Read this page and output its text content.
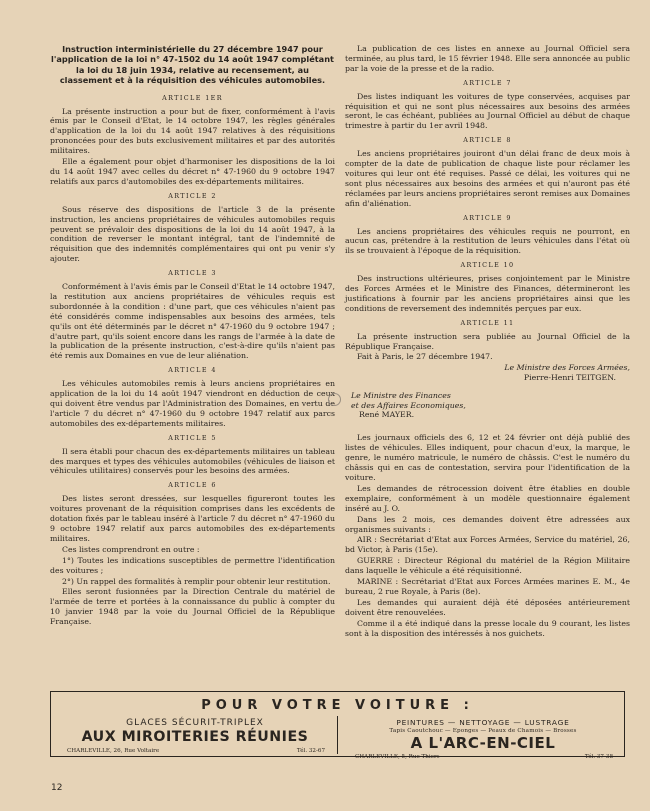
Instruction interministérielle du 27 décembre 1947 pour l'application de la loi n° 47-1502 du 14 août 1947 complétant la loi du 18 juin 1934, relative au recensement, au classement et à la réquisition des véhicules automobiles.
ARTICLE 1ER

La présente instruction a pour but de fixer, conformément à l'avis émis par le Conseil d'Etat, le 14 octobre 1947, les règles générales d'application de la loi du 14 août 1947 relatives à des réquisitions prononcées pour des buts exclusivement militaires et par des autorités militaires.

Elle a également pour objet d'harmoniser les dispositions de la loi du 14 août 1947 avec celles du décret n° 47-1960 du 9 octobre 1947 relatifs aux parcs d'automobiles des ex-départements militaires.

ARTICLE 2

Sous réserve des dispositions de l'article 3 de la présente instruction, les anciens propriétaires de véhicules automobiles requis peuvent se prévaloir des dispositions de la loi du 14 août 1947, à la condition de reverser le montant intégral, tant de l'indemnité de réquisition que des indemnités complémentaires qui ont pu venir s'y ajouter.

ARTICLE 3

Conformément à l'avis émis par le Conseil d'Etat le 14 octobre 1947, la restitution aux anciens propriétaires de véhicules requis est subordonnée à la condition : d'une part, que ces véhicules n'aient pas été considérés comme indispensables aux besoins des armées, tels qu'ils ont été déterminés par le décret n° 47-1960 du 9 octobre 1947 ; d'autre part, qu'ils soient encore dans les rangs de l'armée à la date de la publication de la présente instruction, c'est-à-dire qu'ils n'aient pas été remis aux Domaines en vue de leur aliénation.

ARTICLE 4

Les véhicules automobiles remis à leurs anciens propriétaires en application de la loi du 14 août 1947 viendront en déduction de ceux qui doivent être vendus par l'Administration des Domaines, en vertu de l'article 7 du décret n° 47-1960 du 9 octobre 1947 relatif aux parcs automobiles des ex-départements militaires.

ARTICLE 5

Il sera établi pour chacun des ex-départements militaires un tableau des marques et types des véhicules automobiles (véhicules de liaison et véhicules utilitaires) conservés pour les besoins des armées.

ARTICLE 6

Des listes seront dressées, sur lesquelles figureront toutes les voitures provenant de la réquisition comprises dans les excédents de dotation fixés par le tableau inséré à l'article 7 du décret n° 47-1960 du 9 octobre 1947 relatif aux parcs automobiles des ex-départements militaires.

Ces listes comprendront en outre :

1°) Toutes les indications susceptibles de permettre l'identification des voitures ;

2°) Un rappel des formalités à remplir pour obtenir leur restitution.

Elles seront fusionnées par la Direction Centrale du matériel de l'armée de terre et portées à la connaissance du public à compter du 10 janvier 1948 par la voie du Journal Officiel de la République Française.

La publication de ces listes en annexe au Journal Officiel sera terminée, au plus tard, le 15 février 1948. Elle sera annoncée au public par la voie de la presse et de la radio.

ARTICLE 7

Des listes indiquant les voitures de type conservées, acquises par réquisition et qui ne sont plus nécessaires aux besoins des armées seront, le cas échéant, publiées au Journal Officiel au début de chaque trimestre à partir du 1er avril 1948.

ARTICLE 8

Les anciens propriétaires jouiront d'un délai franc de deux mois à compter de la date de publication de chaque liste pour réclamer les voitures qui leur ont été requises. Passé ce délai, les voitures qui ne sont plus nécessaires aux besoins des armées et qui n'auront pas été réclamées par leurs anciens propriétaires seront remises aux Domaines afin d'aliénation.

ARTICLE 9

Les anciens propriétaires des véhicules requis ne pourront, en aucun cas, prétendre à la restitution de leurs véhicules dans l'état où ils se trouvaient à l'époque de la réquisition.

ARTICLE 10

Des instructions ultérieures, prises conjointement par le Ministre des Forces Armées et le Ministre des Finances, détermineront les justifications à fournir par les anciens propriétaires ainsi que les conditions de reversement des indemnités perçues par eux.

ARTICLE 11

La présente instruction sera publiée au Journal Officiel de la République Française.

Fait à Paris, le 27 décembre 1947.

Le Ministre des Forces Armées,

Pierre-Henri TEITGEN.

Le Ministre des Finances
et des Affaires Economiques,
René MAYER.

Les journaux officiels des 6, 12 et 24 février ont déjà publié des listes de véhicules. Elles indiquent, pour chacun d'eux, la marque, le genre, le numéro matricule, le numéro de châssis. C'est le numéro du châssis qui en cas de contestation, servira pour l'identification de la voiture.

Les demandes de rétrocession doivent être établies en double exemplaire, conformément à un modèle questionnaire également inséré au J. O.

Dans les 2 mois, ces demandes doivent être adressées aux organismes suivants :

AIR : Secrétariat d'Etat aux Forces Armées, Service du matériel, 26, bd Victor, à Paris (15e).

GUERRE : Directeur Régional du matériel de la Région Militaire dans laquelle le véhicule a été réquisitionné.

MARINE : Secrétariat d'Etat aux Forces Armées marines E. M., 4e bureau, 2 rue Royale, à Paris (8e).

Les demandes qui auraient déjà été déposées antérieurement doivent être renouvelées.

Comme il a été indiqué dans la presse locale du 9 courant, les listes sont à la disposition des intéressés à nos guichets.

POUR VOTRE VOITURE :
GLACES SÉCURIT-TRIPLEX
AUX MIROITERIES RÉUNIES
CHARLEVILLE, 26, Rue Voltaire	Tél. 32-67
PEINTURES — NETTOYAGE — LUSTRAGE
Tapis Caoutchouc — Eponges — Peaux de Chamois — Brosses
A L'ARC-EN-CIEL
CHARLEVILLE, 5, Rue Thiers	Tél. 37-38
12
